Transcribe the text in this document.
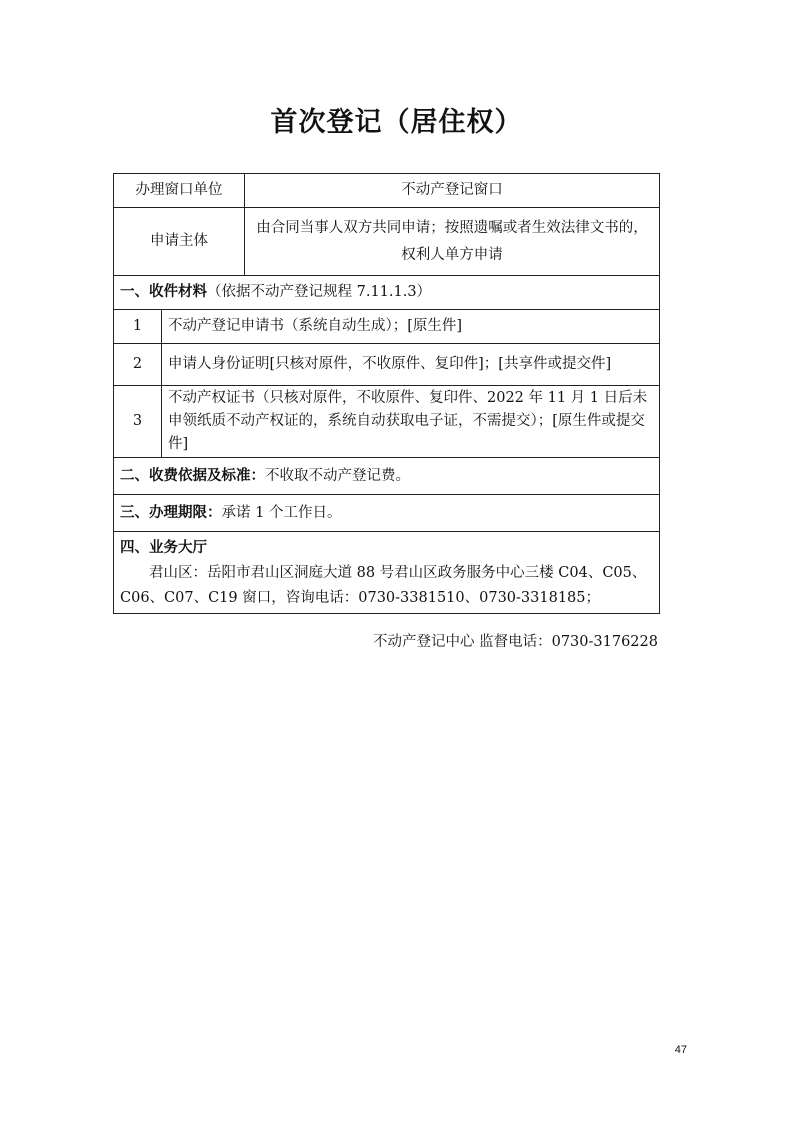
首次登记（居住权）
办理窗口单位		不动产登记窗口
申请主体		由合同当事人双方共同申请；按照遗嘱或者生效法律文书的，权利人单方申请
一、收件材料（依据不动产登记规程 7.11.1.3）		
1	不动产登记申请书（系统自动生成）；[原生件]	
2	申请人身份证明[只核对原件，不收原件、复印件]；[共享件或提交件]	
3	不动产权证书（只核对原件，不收原件、复印件、2022 年 11 月 1 日后未申领纸质不动产权证的，系统自动获取电子证，不需提交）；[原生件或提交件]	
二、收费依据及标准：不收取不动产登记费。		
三、办理期限：承诺 1 个工作日。		

四、业务大厅
君山区：岳阳市君山区洞庭大道 88 号君山区政务服务中心三楼 C04、C05、C06、C07、C19 窗口，咨询电话：0730-3381510、0730-3318185；		
不动产登记中心 监督电话：0730-3176228
47
